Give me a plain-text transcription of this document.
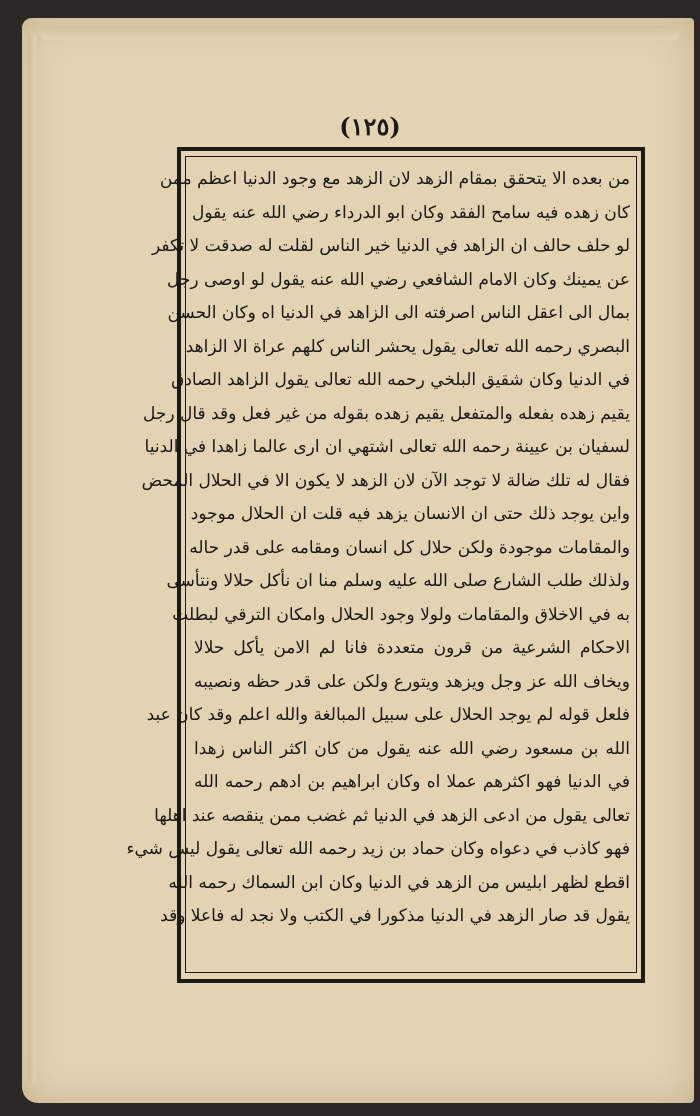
(١٢٥)
من بعده الا يتحقق بمقام الزهد لان الزهد مع وجود الدنيا اعظم ممن
كان زهده فيه سامح الفقد وكان ابو الدرداء رضي الله عنه يقول
لو حلف حالف ان الزاهد في الدنيا خير الناس لقلت له صدقت لا تكفر
عن يمينك وكان الامام الشافعي رضي الله عنه يقول لو اوصى رجل
بمال الى اعقل الناس اصرفته الى الزاهد في الدنيا اه وكان الحسن
البصري رحمه الله تعالى يقول يحشر الناس كلهم عراة الا الزاهد
في الدنيا وكان شقيق البلخي رحمه الله تعالى يقول الزاهد الصادق
يقيم زهده بفعله والمتفعل يقيم زهده بقوله من غير فعل وقد قال رجل
لسفيان بن عيينة رحمه الله تعالى اشتهي ان ارى عالما زاهدا في الدنيا
فقال له تلك ضالة لا توجد الآن لان الزهد لا يكون الا في الحلال المحض
واين يوجد ذلك حتى ان الانسان يزهد فيه قلت ان الحلال موجود
والمقامات موجودة ولكن حلال كل انسان ومقامه على قدر حاله
ولذلك طلب الشارع صلى الله عليه وسلم منا ان نأكل حلالا ونتأسى
به في الاخلاق والمقامات ولولا وجود الحلال وامكان الترقي لبطلت
الاحكام الشرعية من قرون متعددة فانا لم الامن يأكل حلالا
ويخاف الله عز وجل ويزهد ويتورع ولكن على قدر حظه ونصيبه
فلعل قوله لم يوجد الحلال على سبيل المبالغة والله اعلم وقد كان عبد
الله بن مسعود رضي الله عنه يقول من كان اكثر الناس زهدا
في الدنيا فهو اكثرهم عملا اه وكان ابراهيم بن ادهم رحمه الله
تعالى يقول من ادعى الزهد في الدنيا ثم غضب ممن ينقصه عند اهلها
فهو كاذب في دعواه وكان حماد بن زيد رحمه الله تعالى يقول ليس شيء
اقطع لظهر ابليس من الزهد في الدنيا وكان ابن السماك رحمه الله
يقول قد صار الزهد في الدنيا مذكورا في الكتب ولا نجد له فاعلا وقد
